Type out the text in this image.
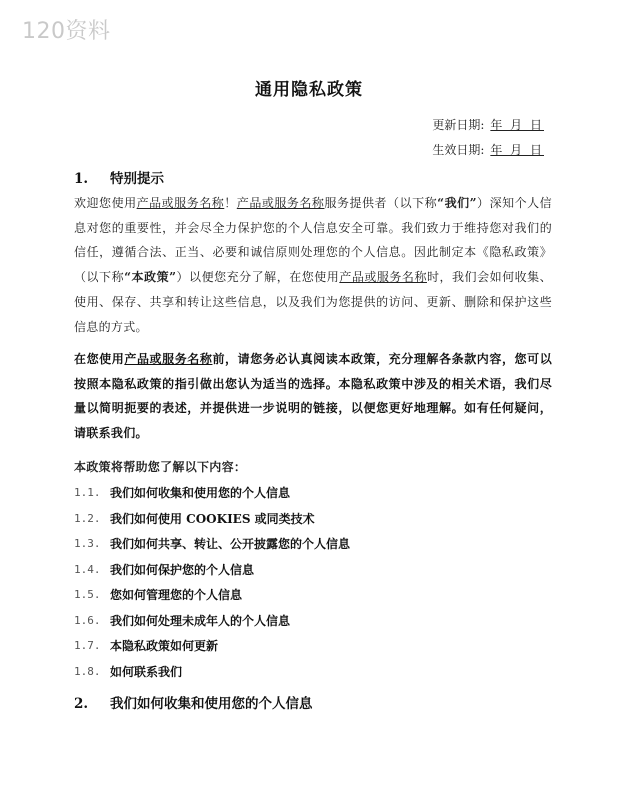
120资料
通用隐私政策
更新日期: 年 月 日
生效日期: 年 月 日
1. 特别提示

欢迎您使用产品或服务名称！产品或服务名称服务提供者（以下称“我们”）深知个人信息对您的重要性，并会尽全力保护您的个人信息安全可靠。我们致力于维持您对我们的信任，遵循合法、正当、必要和诚信原则处理您的个人信息。因此制定本《隐私政策》（以下称“本政策”）以便您充分了解，在您使用产品或服务名称时，我们会如何收集、使用、保存、共享和转让这些信息，以及我们为您提供的访问、更新、删除和保护这些信息的方式。

在您使用产品或服务名称前，请您务必认真阅读本政策，充分理解各条款内容，您可以按照本隐私政策的指引做出您认为适当的选择。本隐私政策中涉及的相关术语，我们尽量以简明扼要的表述，并提供进一步说明的链接，以便您更好地理解。如有任何疑问，请联系我们。

本政策将帮助您了解以下内容：

1.1. 我们如何收集和使用您的个人信息
1.2. 我们如何使用 COOKIES 或同类技术
1.3. 我们如何共享、转让、公开披露您的个人信息
1.4. 我们如何保护您的个人信息
1.5. 您如何管理您的个人信息
1.6. 我们如何处理未成年人的个人信息
1.7. 本隐私政策如何更新
1.8. 如何联系我们
2. 我们如何收集和使用您的个人信息
